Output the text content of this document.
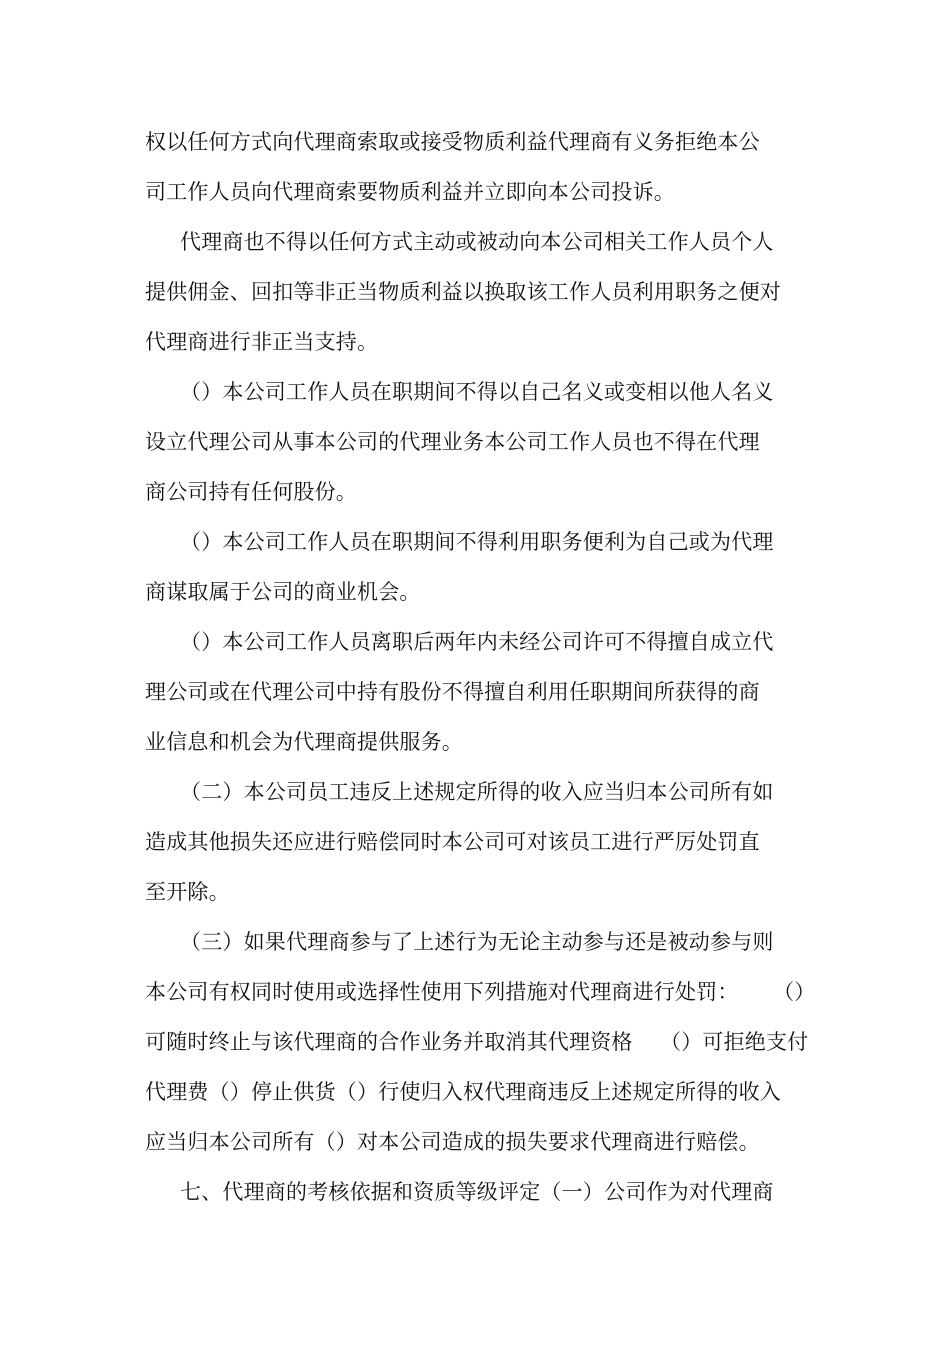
权以任何方式向代理商索取或接受物质利益代理商有义务拒绝本公
司工作人员向代理商索要物质利益并立即向本公司投诉。
代理商也不得以任何方式主动或被动向本公司相关工作人员个人
提供佣金、回扣等非正当物质利益以换取该工作人员利用职务之便对
代理商进行非正当支持。
（）本公司工作人员在职期间不得以自己名义或变相以他人名义
设立代理公司从事本公司的代理业务本公司工作人员也不得在代理
商公司持有任何股份。
（）本公司工作人员在职期间不得利用职务便利为自己或为代理
商谋取属于公司的商业机会。
（）本公司工作人员离职后两年内未经公司许可不得擅自成立代
理公司或在代理公司中持有股份不得擅自利用任职期间所获得的商
业信息和机会为代理商提供服务。
（二）本公司员工违反上述规定所得的收入应当归本公司所有如
造成其他损失还应进行赔偿同时本公司可对该员工进行严厉处罚直
至开除。
（三）如果代理商参与了上述行为无论主动参与还是被动参与则
本公司有权同时使用或选择性使用下列措施对代理商进行处罚： （）
可随时终止与该代理商的合作业务并取消其代理资格 （）可拒绝支付
代理费（）停止供货（）行使归入权代理商违反上述规定所得的收入
应当归本公司所有（）对本公司造成的损失要求代理商进行赔偿。
七、代理商的考核依据和资质等级评定（一）公司作为对代理商
